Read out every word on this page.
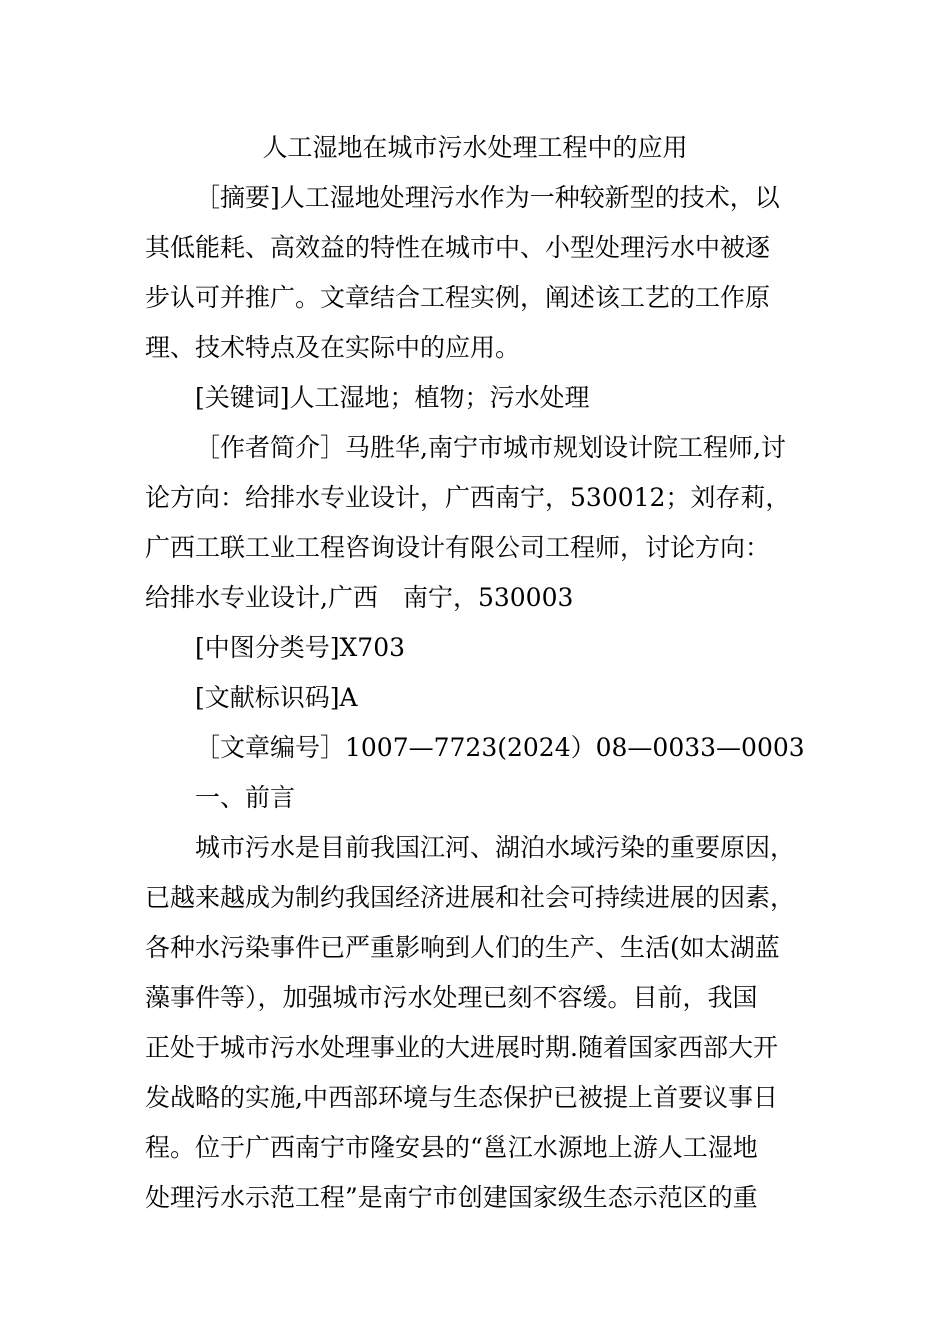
人工湿地在城市污水处理工程中的应用
［摘要]人工湿地处理污水作为一种较新型的技术，以
其低能耗、高效益的特性在城市中、小型处理污水中被逐
步认可并推广。文章结合工程实例，阐述该工艺的工作原
理、技术特点及在实际中的应用。
[关键词]人工湿地；植物；污水处理
［作者简介］马胜华,南宁市城市规划设计院工程师,讨
论方向：给排水专业设计，广西南宁，530012；刘存莉，
广西工联工业工程咨询设计有限公司工程师，讨论方向：
给排水专业设计,广西　南宁，530003
[中图分类号]X703
[文献标识码]A
［文章编号］1007—7723(2024）08—0033—0003
一、前言
城市污水是目前我国江河、湖泊水域污染的重要原因，
已越来越成为制约我国经济进展和社会可持续进展的因素，
各种水污染事件已严重影响到人们的生产、生活(如太湖蓝
藻事件等），加强城市污水处理已刻不容缓。目前，我国
正处于城市污水处理事业的大进展时期.随着国家西部大开
发战略的实施,中西部环境与生态保护已被提上首要议事日
程。位于广西南宁市隆安县的“邕江水源地上游人工湿地
处理污水示范工程”是南宁市创建国家级生态示范区的重
